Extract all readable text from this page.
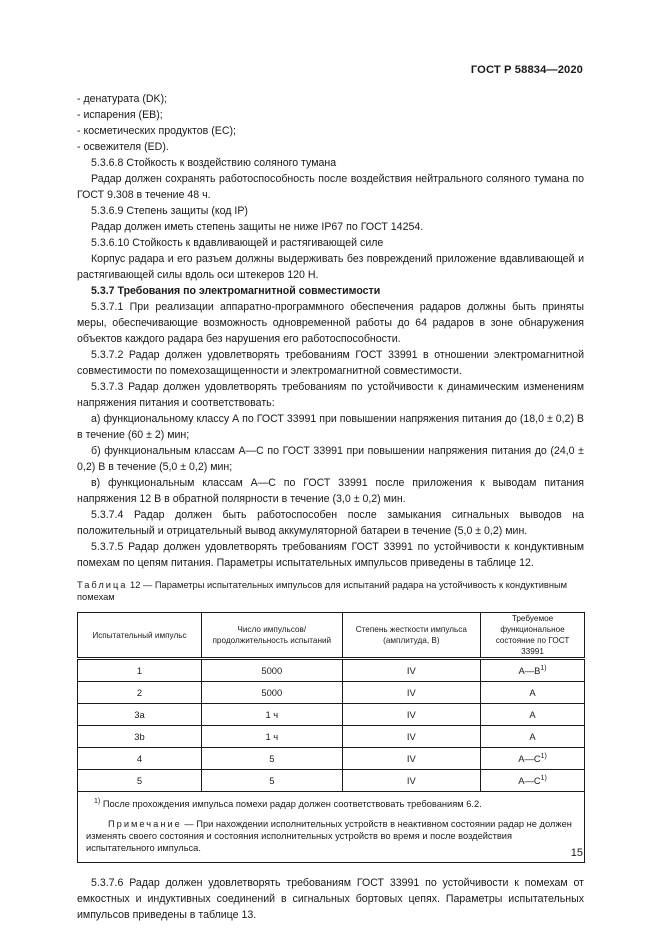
ГОСТ Р 58834—2020

- денатурата (DK);

- испарения (ЕВ);

- косметических продуктов (ЕС);

- освежителя (ED).

5.3.6.8 Стойкость к воздействию соляного тумана

Радар должен сохранять работоспособность после воздействия нейтрального соляного тумана по ГОСТ 9.308 в течение 48 ч.

5.3.6.9 Степень защиты (код IP)

Радар должен иметь степень защиты не ниже IP67 по ГОСТ 14254.

5.3.6.10 Стойкость к вдавливающей и растягивающей силе

Корпус радара и его разъем должны выдерживать без повреждений приложение вдавливающей и растягивающей силы вдоль оси штекеров 120 Н.

5.3.7 Требования по электромагнитной совместимости

5.3.7.1 При реализации аппаратно-программного обеспечения радаров должны быть приняты меры, обеспечивающие возможность одновременной работы до 64 радаров в зоне обнаружения объектов каждого радара без нарушения его работоспособности.

5.3.7.2 Радар должен удовлетворять требованиям ГОСТ 33991 в отношении электромагнитной совместимости по помехозащищенности и электромагнитной совместимости.

5.3.7.3 Радар должен удовлетворять требованиям по устойчивости к динамическим изменениям напряжения питания и соответствовать:

а) функциональному классу А по ГОСТ 33991 при повышении напряжения питания до (18,0 ± 0,2) В в течение (60 ± 2) мин;

б) функциональным классам А—С по ГОСТ 33991 при повышении напряжения питания до (24,0 ± 0,2) В в течение (5,0 ± 0,2) мин;

в) функциональным классам А—С по ГОСТ 33991 после приложения к выводам питания напряжения 12 В в обратной полярности в течение (3,0 ± 0,2) мин.

5.3.7.4 Радар должен быть работоспособен после замыкания сигнальных выводов на положительный и отрицательный вывод аккумуляторной батареи в течение (5,0 ± 0,2) мин.

5.3.7.5 Радар должен удовлетворять требованиям ГОСТ 33991 по устойчивости к кондуктивным помехам по цепям питания. Параметры испытательных импульсов приведены в таблице 12.

Таблица 12 — Параметры испытательных импульсов для испытаний радара на устойчивость к кондуктивным помехам

Испытательный импульс	Число импульсов/ продолжительность испытаний	Степень жесткости импульса (амплитуда, В)	Требуемое функциональное состояние по ГОСТ 33991
1	5000	IV	$А—В^{1)}$
2	5000	IV	А
3а	1 ч	IV	А
3b	1 ч	IV	А
4	5	IV	$А—С^{1)}$
5	5	IV	$А—С^{1)}$

$^{1)}$ После прохождения импульса помехи радар должен соответствовать требованиям 6.2.

Примечание — При нахождении исполнительных устройств в неактивном состоянии радар не должен изменять своего состояния и состояния исполнительных устройств во время и после воздействия испытательного импульса.			

5.3.7.6 Радар должен удовлетворять требованиям ГОСТ 33991 по устойчивости к помехам от емкостных и индуктивных соединений в сигнальных бортовых цепях. Параметры испытательных импульсов приведены в таблице 13.

15
